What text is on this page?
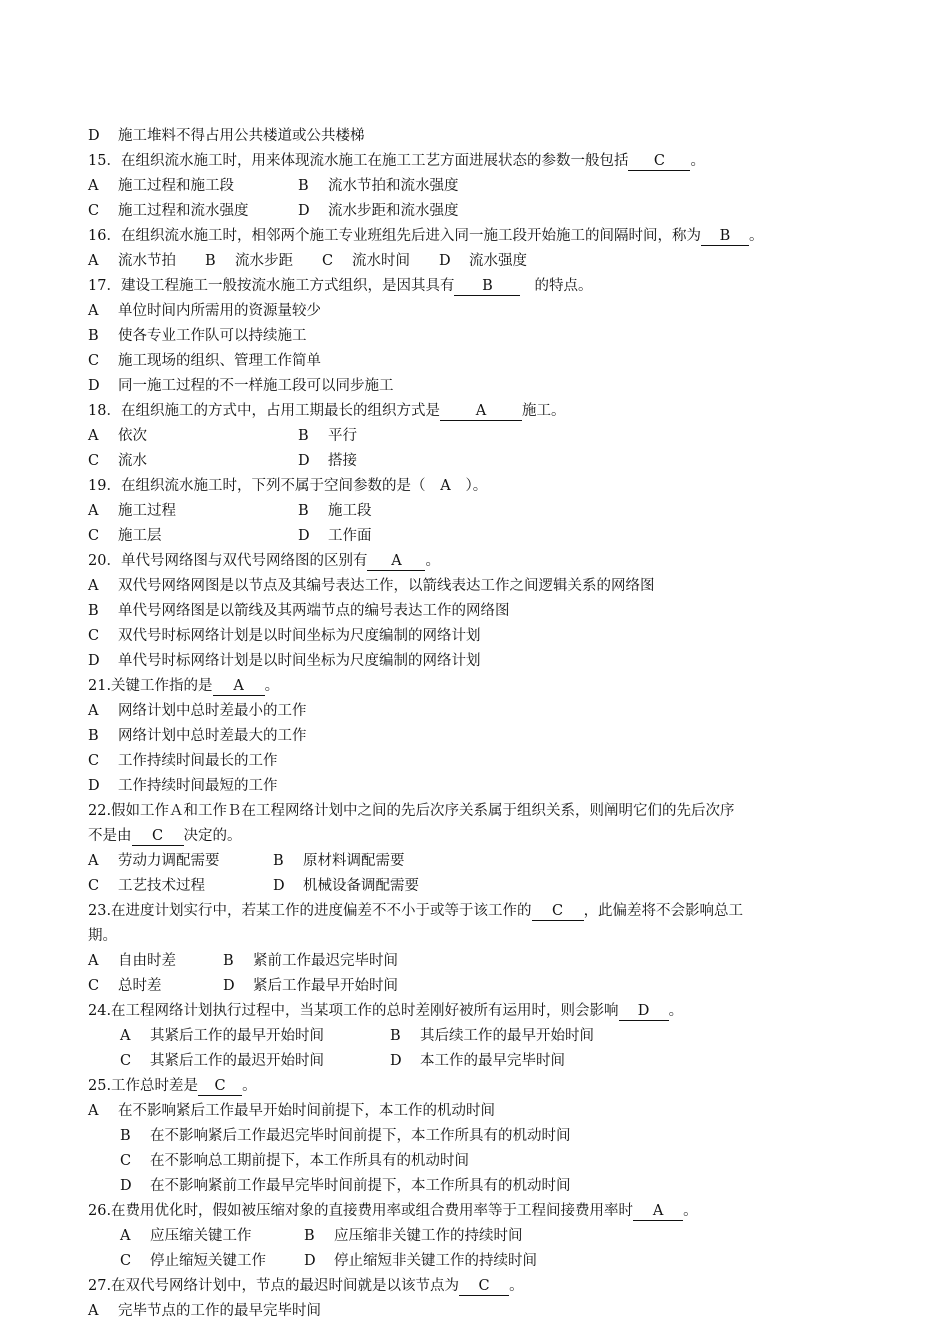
D 施工堆料不得占用公共楼道或公共楼梯
15．在组织流水施工时，用来体现流水施工在施工工艺方面进展状态的参数一般包括 C 。
A 施工过程和施工段	B 流水节拍和流水强度
C 施工过程和流水强度	D 流水步距和流水强度
16．在组织流水施工时，相邻两个施工专业班组先后进入同一施工段开始施工的间隔时间，称为 B 。
A 流水节拍 B 流水步距 C 流水时间 D 流水强度
17．建设工程施工一般按流水施工方式组织，是因其具有 B	的特点。
A 单位时间内所需用的资源量较少
B 使各专业工作队可以持续施工
C 施工现场的组织、管理工作简单
D 同一施工过程的不一样施工段可以同步施工
18．在组织施工的方式中，占用工期最长的组织方式是 A 施工。
A 依次	B 平行
C 流水	D 搭接
19．在组织流水施工时，下列不属于空间参数的是（ A ）。
A 施工过程	B 施工段
C 施工层	D 工作面
20．单代号网络图与双代号网络图的区别有 A 。
A 双代号网络网图是以节点及其编号表达工作，以箭线表达工作之间逻辑关系的网络图
B 单代号网络图是以箭线及其两端节点的编号表达工作的网络图
C 双代号时标网络计划是以时间坐标为尺度编制的网络计划
D 单代号时标网络计划是以时间坐标为尺度编制的网络计划
21.关键工作指的是 A 。
A 网络计划中总时差最小的工作
B 网络计划中总时差最大的工作
C 工作持续时间最长的工作
D 工作持续时间最短的工作
22.假如工作Ａ和工作Ｂ在工程网络计划中之间的先后次序关系属于组织关系，则阐明它们的先后次序
不是由 C 决定的。
A 劳动力调配需要	B 原材料调配需要
C 工艺技术过程	D 机械设备调配需要
23.在进度计划实行中，若某工作的进度偏差不不小于或等于该工作的 C ，此偏差将不会影响总工
期。
A 自由时差	B 紧前工作最迟完毕时间
C 总时差	D 紧后工作最早开始时间
24.在工程网络计划执行过程中，当某项工作的总时差刚好被所有运用时，则会影响 D 。
A 其紧后工作的最早开始时间	B 其后续工作的最早开始时间
C 其紧后工作的最迟开始时间	D 本工作的最早完毕时间
25.工作总时差是 C 。
A 在不影响紧后工作最早开始时间前提下，本工作的机动时间
B 在不影响紧后工作最迟完毕时间前提下，本工作所具有的机动时间
C 在不影响总工期前提下，本工作所具有的机动时间
D 在不影响紧前工作最早完毕时间前提下，本工作所具有的机动时间
26.在费用优化时，假如被压缩对象的直接费用率或组合费用率等于工程间接费用率时 A 。
A 应压缩关键工作	B 应压缩非关键工作的持续时间
C 停止缩短关键工作	D 停止缩短非关键工作的持续时间
27.在双代号网络计划中，节点的最迟时间就是以该节点为 C 。
A 完毕节点的工作的最早完毕时间
